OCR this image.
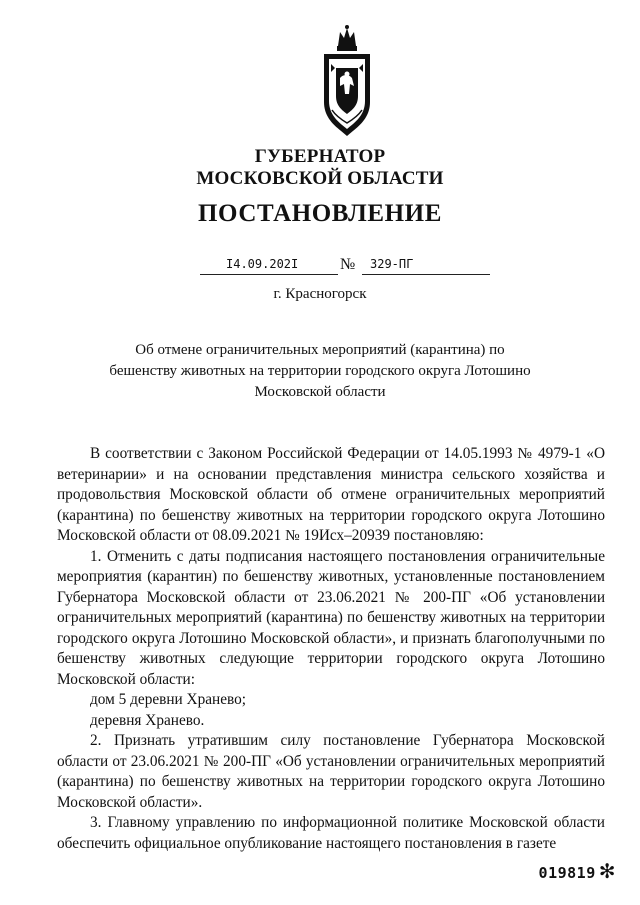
ГУБЕРНАТОР
МОСКОВСКОЙ ОБЛАСТИ
ПОСТАНОВЛЕНИЕ
I4.09.202I	№ 329-ПГ
г. Красногорск
Об отмене ограничительных мероприятий (карантина) по бешенству животных на территории городского округа Лотошино Московской области

В соответствии с Законом Российской Федерации от 14.05.1993 № 4979-1 «О ветеринарии» и на основании представления министра сельского хозяйства и продовольствия Московской области об отмене ограничительных мероприятий (карантина) по бешенству животных на территории городского округа Лотошино Московской области от 08.09.2021 № 19Исх–20939 постановляю:

1. Отменить с даты подписания настоящего постановления ограничительные мероприятия (карантин) по бешенству животных, установленные постановлением Губернатора Московской области от 23.06.2021 № 200-ПГ «Об установлении ограничительных мероприятий (карантина) по бешенству животных на территории городского округа Лотошино Московской области», и признать благополучными по бешенству животных следующие территории городского округа Лотошино Московской области:

дом 5 деревни Хранево;

деревня Хранево.

2. Признать утратившим силу постановление Губернатора Московской области от 23.06.2021 № 200-ПГ «Об установлении ограничительных мероприятий (карантина) по бешенству животных на территории городского округа Лотошино Московской области».

3. Главному управлению по информационной политике Московской области обеспечить официальное опубликование настоящего постановления в газете

019819 ✻
